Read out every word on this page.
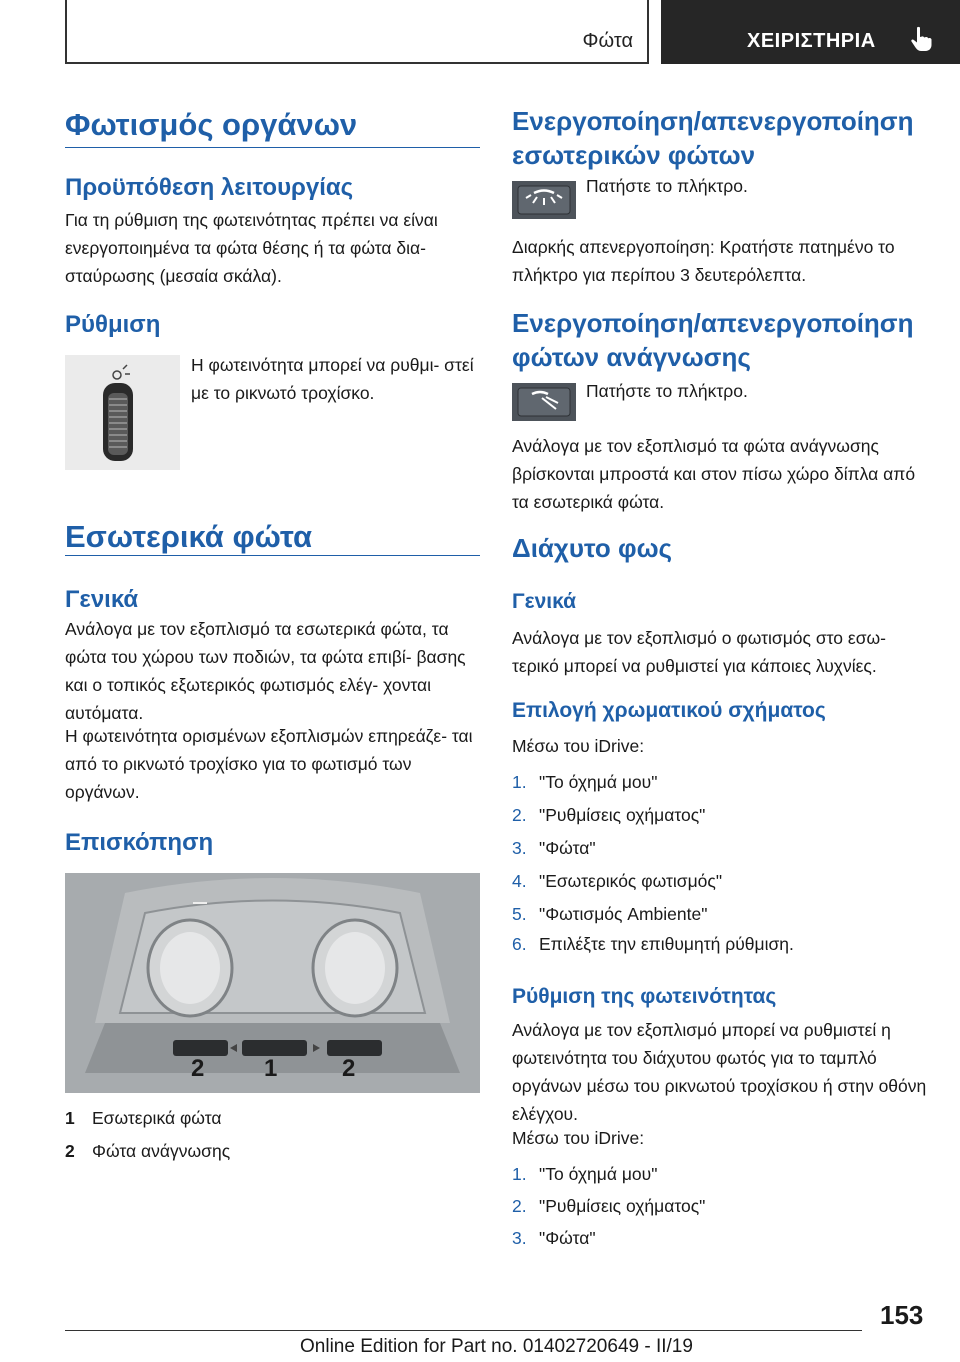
Φώτα	ΧΕΙΡΙΣΤΗΡΙΑ
Φωτισμός οργάνων
Προϋπόθεση λειτουργίας

Για τη ρύθμιση της φωτεινότητας πρέπει να είναι ενεργοποιημένα τα φώτα θέσης ή τα φώτα δια- σταύρωσης (μεσαία σκάλα).

Ρύθμιση

Η φωτεινότητα μπορεί να ρυθμι- στεί με το ρικνωτό τροχίσκο.

Εσωτερικά φώτα
Γενικά

Ανάλογα με τον εξοπλισμό τα εσωτερικά φώτα, τα φώτα του χώρου των ποδιών, τα φώτα επιβί- βασης και ο τοπικός εξωτερικός φωτισμός ελέγ- χονται αυτόματα.

Η φωτεινότητα ορισμένων εξοπλισμών επηρεάζε- ται από το ρικνωτό τροχίσκο για το φωτισμό των οργάνων.

Επισκόπηση
2 1	2
1 Εσωτερικά φώτα
2 Φώτα ανάγνωσης
Ενεργοποίηση/απενεργοποίηση εσωτερικών φώτων

Πατήστε το πλήκτρο.

Διαρκής απενεργοποίηση: Κρατήστε πατημένο το πλήκτρο για περίπου 3 δευτερόλεπτα.

Ενεργοποίηση/απενεργοποίηση φώτων ανάγνωσης

Πατήστε το πλήκτρο.

Ανάλογα με τον εξοπλισμό τα φώτα ανάγνωσης βρίσκονται μπροστά και στον πίσω χώρο δίπλα από τα εσωτερικά φώτα.

Διάχυτο φως
Γενικά

Ανάλογα με τον εξοπλισμό ο φωτισμός στο εσω- τερικό μπορεί να ρυθμιστεί για κάποιες λυχνίες.

Επιλογή χρωματικού σχήματος

Μέσω του iDrive:

1. "Το όχημά μου"
2. "Ρυθμίσεις οχήματος"
3. "Φώτα"
4. "Εσωτερικός φωτισμός"
5. "Φωτισμός Ambiente"
6. Επιλέξτε την επιθυμητή ρύθμιση.
Ρύθμιση της φωτεινότητας

Ανάλογα με τον εξοπλισμό μπορεί να ρυθμιστεί η φωτεινότητα του διάχυτου φωτός για το ταμπλό οργάνων μέσω του ρικνωτού τροχίσκου ή στην οθόνη ελέγχου.

Μέσω του iDrive:

1. "Το όχημά μου"
2. "Ρυθμίσεις οχήματος"
3. "Φώτα"
153
Online Edition for Part no. 01402720649 - II/19
